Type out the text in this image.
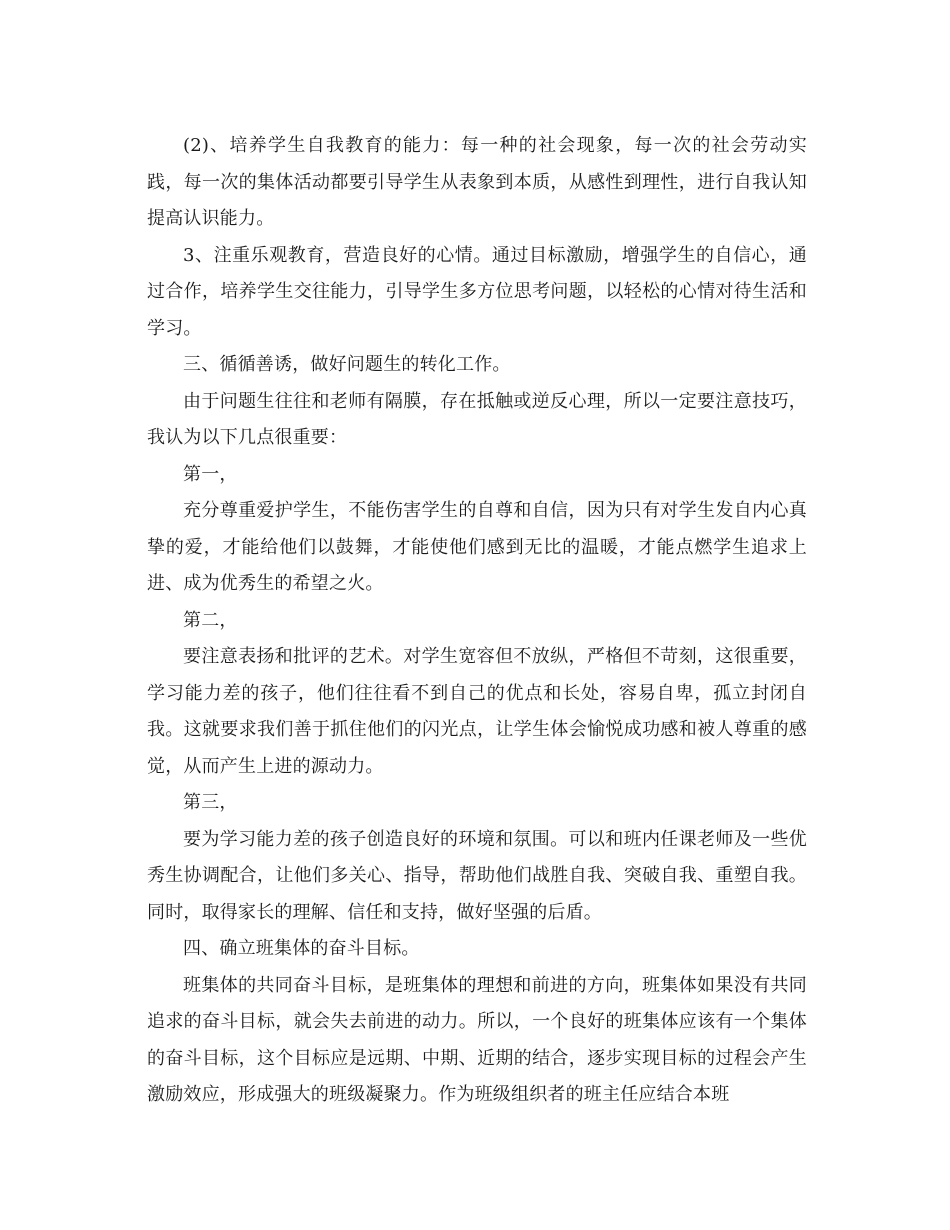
(2)、培养学生自我教育的能力：每一种的社会现象，每一次的社会劳动实践，每一次的集体活动都要引导学生从表象到本质，从感性到理性，进行自我认知提高认识能力。

3、注重乐观教育，营造良好的心情。通过目标激励，增强学生的自信心，通过合作，培养学生交往能力，引导学生多方位思考问题，以轻松的心情对待生活和学习。

三、循循善诱，做好问题生的转化工作。

由于问题生往往和老师有隔膜，存在抵触或逆反心理，所以一定要注意技巧，我认为以下几点很重要：

第一，

充分尊重爱护学生，不能伤害学生的自尊和自信，因为只有对学生发自内心真挚的爱，才能给他们以鼓舞，才能使他们感到无比的温暖，才能点燃学生追求上进、成为优秀生的希望之火。

第二，

要注意表扬和批评的艺术。对学生宽容但不放纵，严格但不苛刻，这很重要，学习能力差的孩子，他们往往看不到自己的优点和长处，容易自卑，孤立封闭自我。这就要求我们善于抓住他们的闪光点，让学生体会愉悦成功感和被人尊重的感觉，从而产生上进的源动力。

第三，

要为学习能力差的孩子创造良好的环境和氛围。可以和班内任课老师及一些优秀生协调配合，让他们多关心、指导，帮助他们战胜自我、突破自我、重塑自我。同时，取得家长的理解、信任和支持，做好坚强的后盾。

四、确立班集体的奋斗目标。

班集体的共同奋斗目标，是班集体的理想和前进的方向，班集体如果没有共同追求的奋斗目标，就会失去前进的动力。所以，一个良好的班集体应该有一个集体的奋斗目标，这个目标应是远期、中期、近期的结合，逐步实现目标的过程会产生激励效应，形成强大的班级凝聚力。作为班级组织者的班主任应结合本班
